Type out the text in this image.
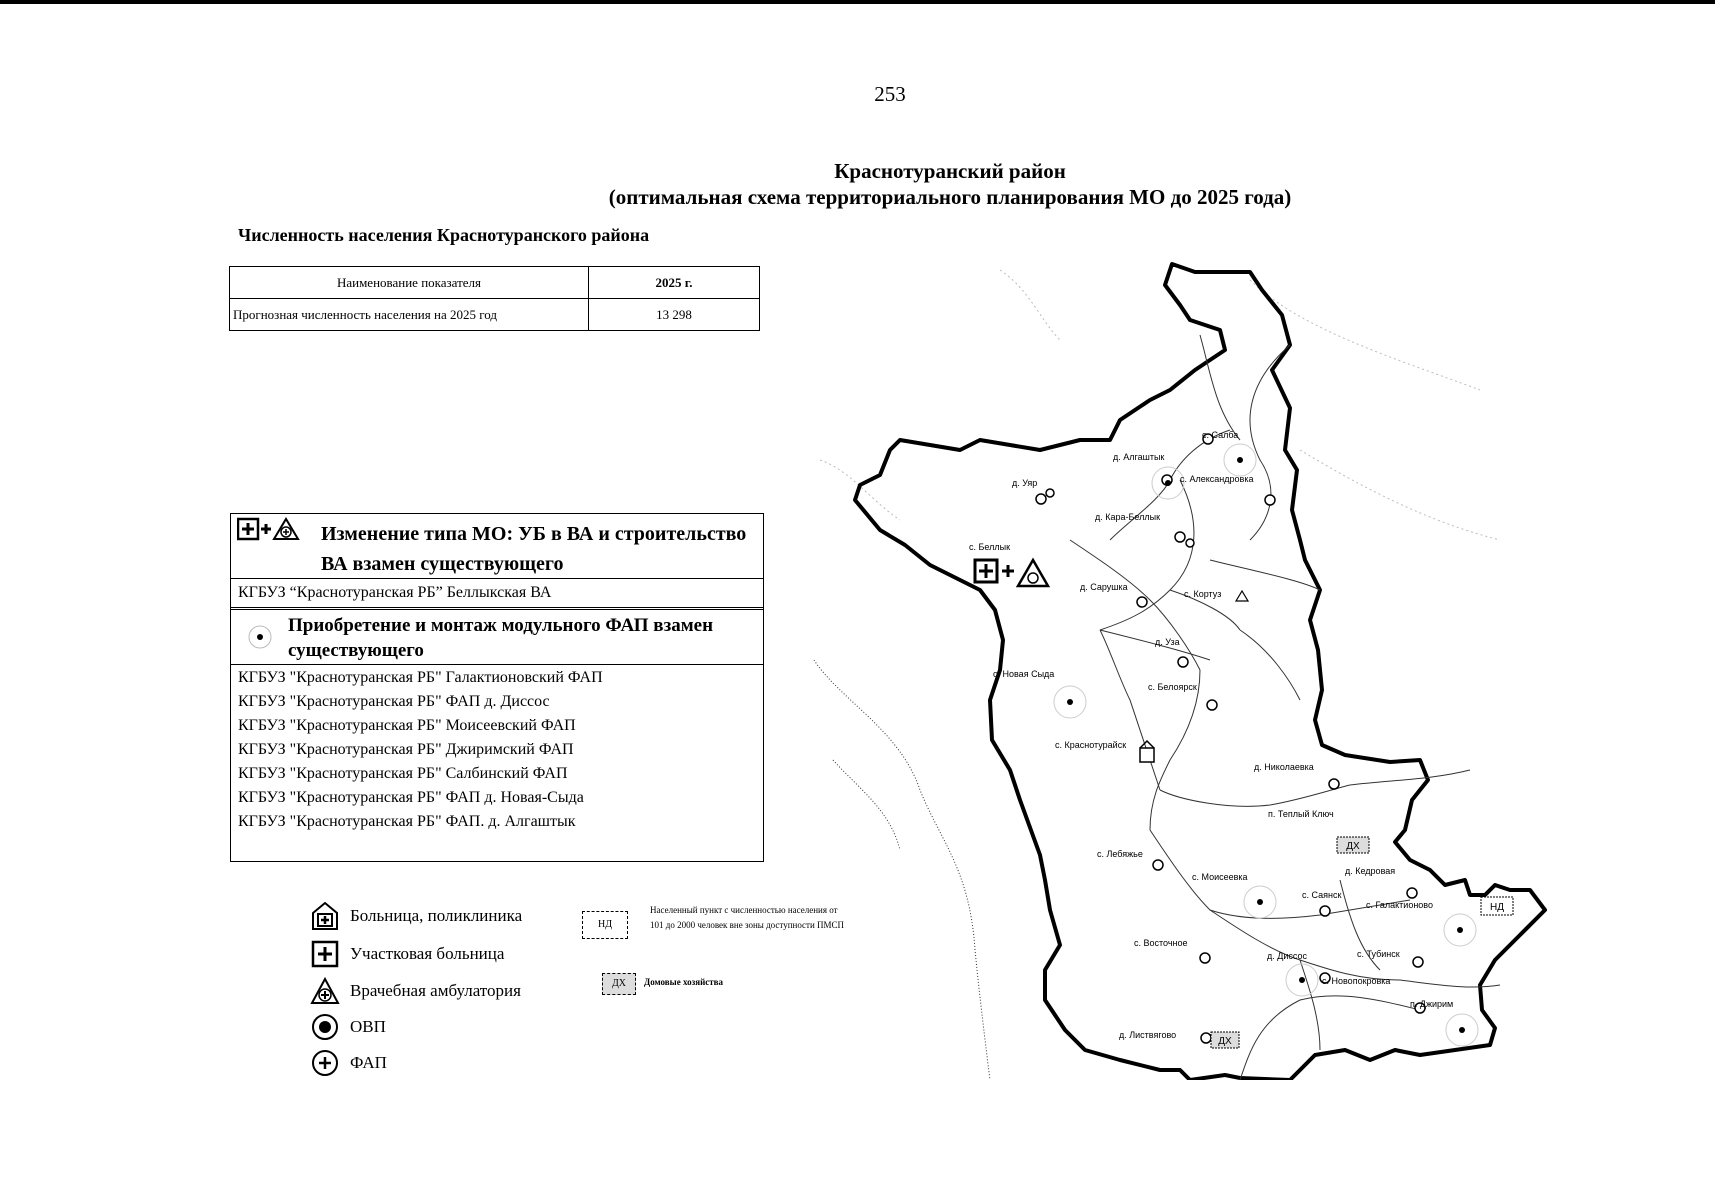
253
Краснотуранский район
(оптимальная схема территориального планирования МО до 2025 года)
Численность населения Краснотуранского района
Наименование показателя	2025 г.
Прогнозная численность населения на 2025 год	13 298
Изменение типа МО: УБ в ВА и строительство ВА взамен существующего
КГБУЗ “Краснотуранская РБ” Беллыкская ВА
Приобретение и монтаж модульного ФАП взамен существующего
КГБУЗ "Краснотуранская РБ" Галактионовский ФАП
КГБУЗ "Краснотуранская РБ" ФАП д. Диссос
КГБУЗ "Краснотуранская РБ" Моисеевский ФАП
КГБУЗ "Краснотуранская РБ" Джиримский ФАП
КГБУЗ "Краснотуранская РБ" Салбинский ФАП
КГБУЗ "Краснотуранская РБ" ФАП д. Новая-Сыда
КГБУЗ "Краснотуранская РБ" ФАП. д. Алгаштык
Больница, поликлиника
Участковая больница
Врачебная амбулатория
ОВП
ФАП
НД
Населенный пункт с численностью населения от 101 до 2000 человек вне зоны доступности ПМСП
ДХ	Домовые хозяйства
ДХ
НД
ДХ
с. Салба
д. Алгаштык
д. Уяр	с. Александровка
д. Кара-Беллык
с. Беллык
д. Сарушка
с. Кортуз
д. Уза
с. Новая Сыда
с. Белоярск
с. Краснотурайск
д. Николаевка
п. Теплый Ключ
с. Лебяжье
д. Кедровая
с. Моисеевка
с. Саянск
с. Галактионово
с. Восточное
д. Диссос	с. Тубинск
с. Новопокровка
п. Джирим
д. Листвягово
